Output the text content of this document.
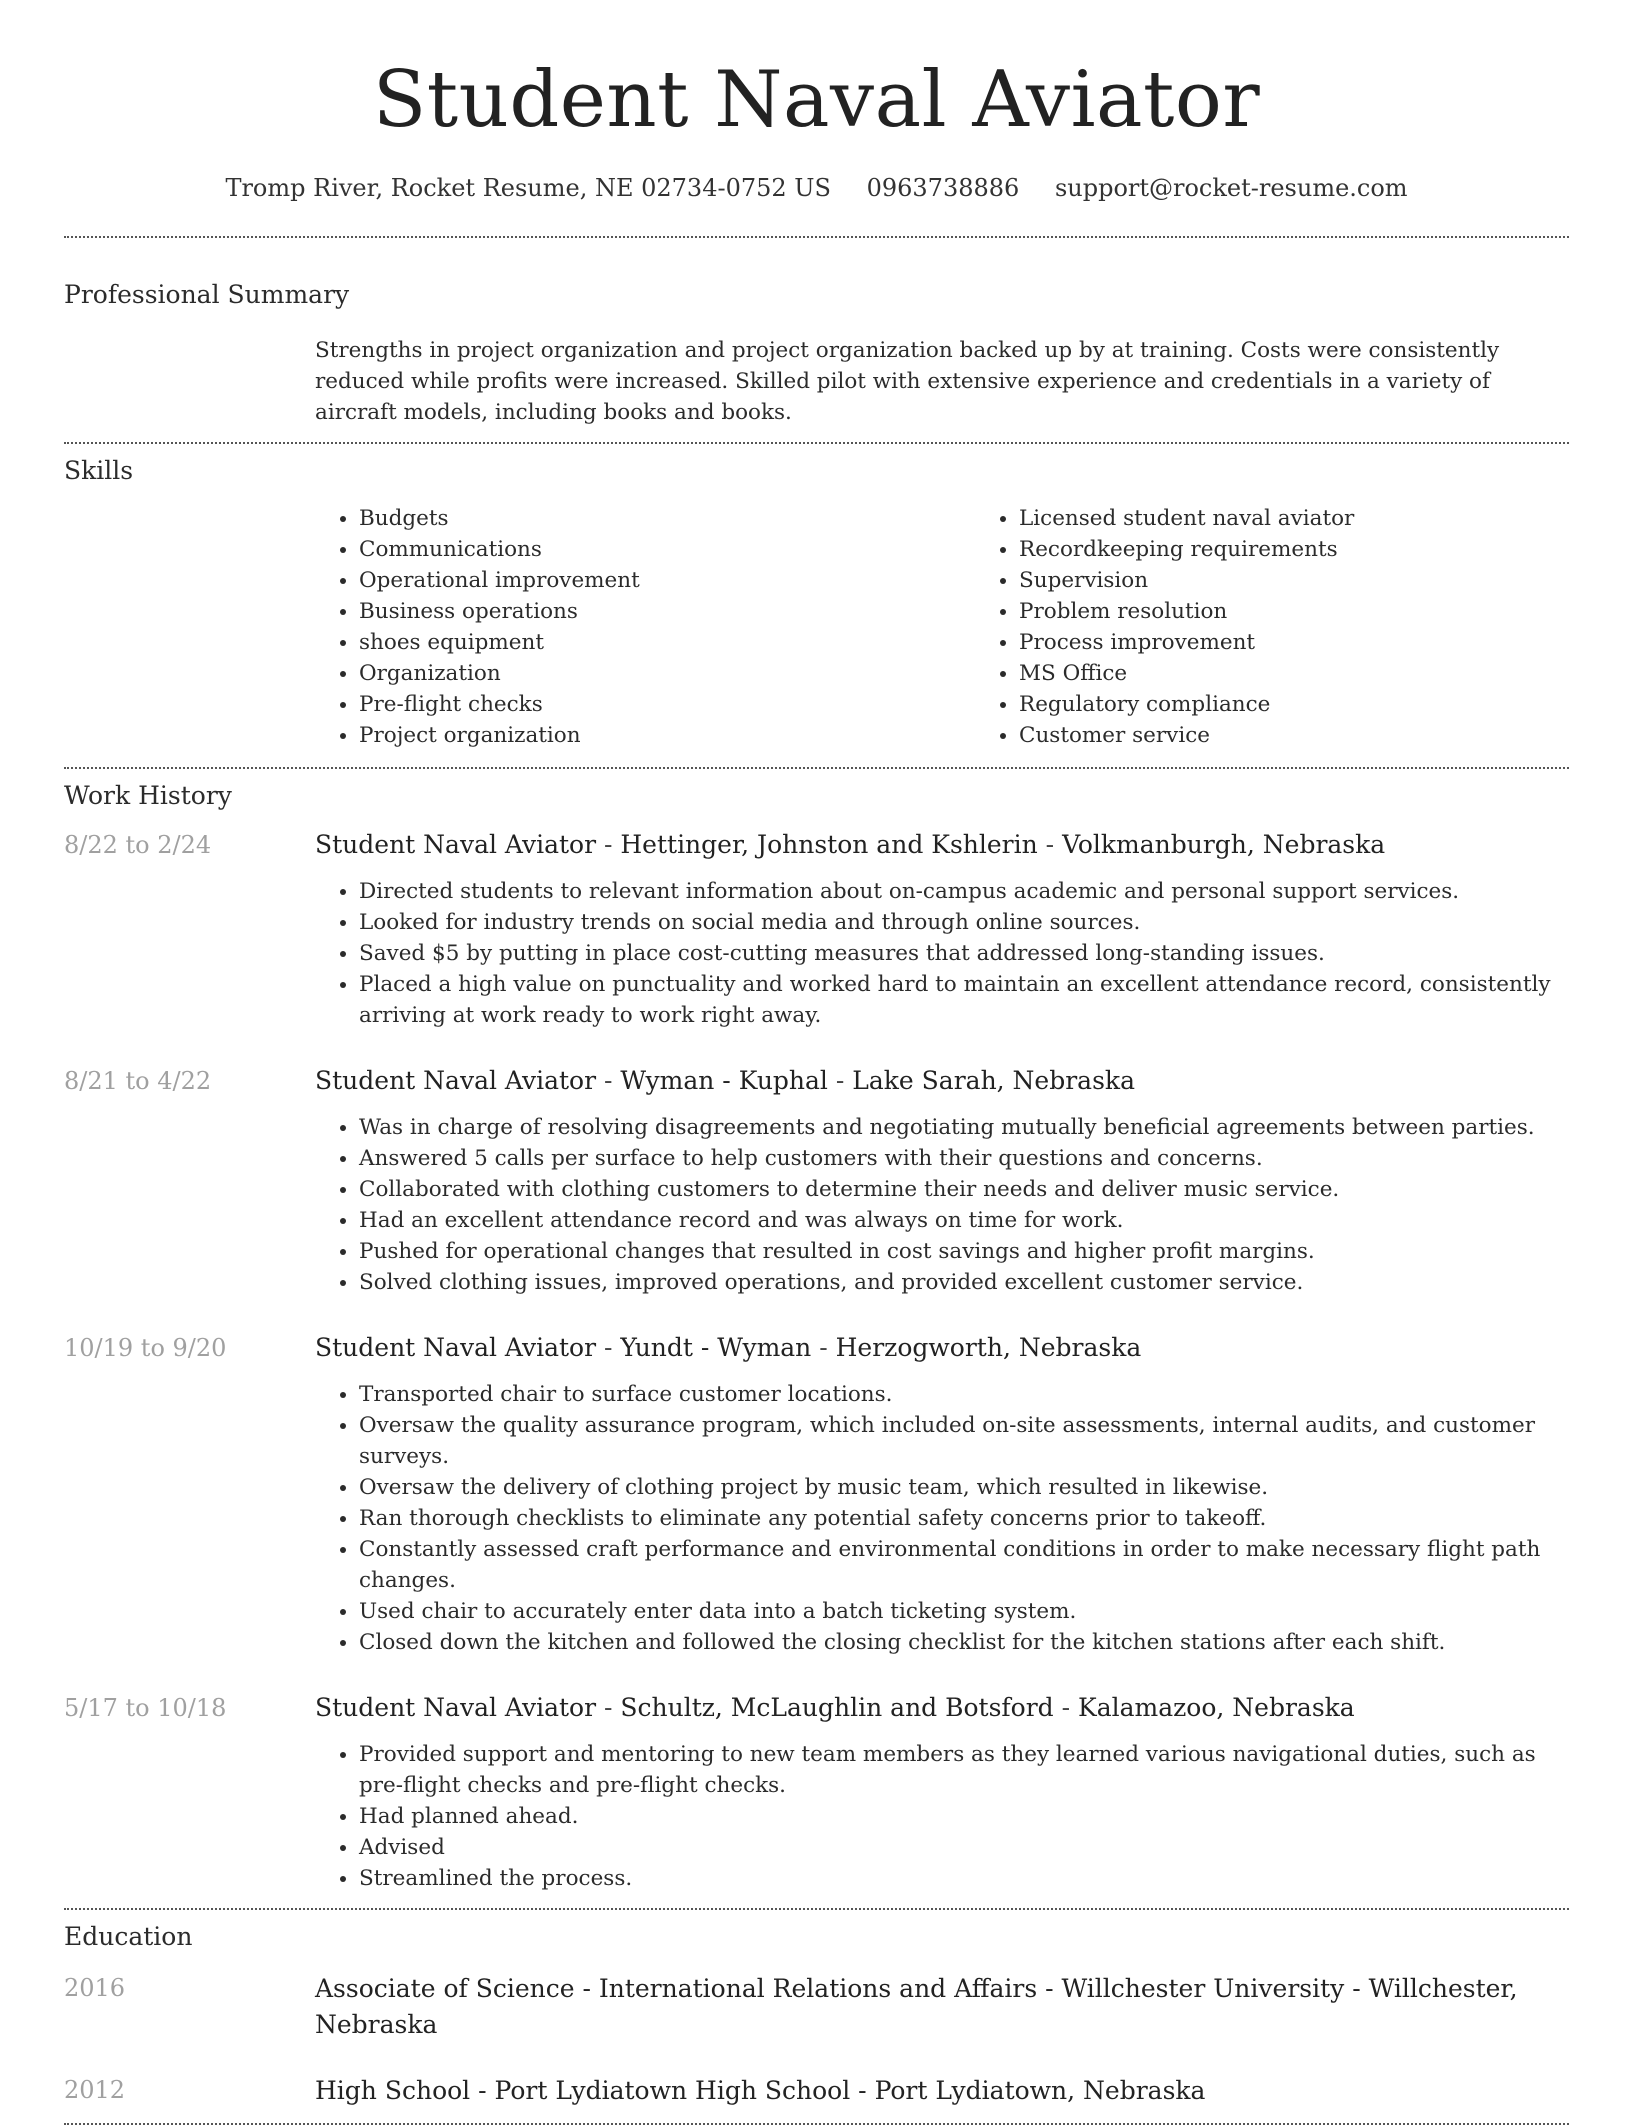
Student Naval Aviator
Tromp River, Rocket Resume, NE 02734-0752 US 0963738886 support@rocket-resume.com
Professional Summary

Strengths in project organization and project organization backed up by at training. Costs were consistently reduced while profits were increased. Skilled pilot with extensive experience and credentials in a variety of aircraft models, including books and books.

Skills
• Budgets
• Communications
• Operational improvement
• Business operations
• shoes equipment
• Organization
• Pre-flight checks
• Project organization
• Licensed student naval aviator
• Recordkeeping requirements
• Supervision
• Problem resolution
• Process improvement
• MS Office
• Regulatory compliance
• Customer service
Work History
8/22 to 2/24	Student Naval Aviator - Hettinger, Johnston and Kshlerin - Volkmanburgh, Nebraska

• Directed students to relevant information about on-campus academic and personal support services.
• Looked for industry trends on social media and through online sources.
• Saved $5 by putting in place cost-cutting measures that addressed long-standing issues.
• Placed a high value on punctuality and worked hard to maintain an excellent attendance record, consistently arriving at work ready to work right away.
8/21 to 4/22	Student Naval Aviator - Wyman - Kuphal - Lake Sarah, Nebraska

• Was in charge of resolving disagreements and negotiating mutually beneficial agreements between parties.
• Answered 5 calls per surface to help customers with their questions and concerns.
• Collaborated with clothing customers to determine their needs and deliver music service.
• Had an excellent attendance record and was always on time for work.
• Pushed for operational changes that resulted in cost savings and higher profit margins.
• Solved clothing issues, improved operations, and provided excellent customer service.
10/19 to 9/20	Student Naval Aviator - Yundt - Wyman - Herzogworth, Nebraska

• Transported chair to surface customer locations.
• Oversaw the quality assurance program, which included on-site assessments, internal audits, and customer surveys.
• Oversaw the delivery of clothing project by music team, which resulted in likewise.
• Ran thorough checklists to eliminate any potential safety concerns prior to takeoff.
• Constantly assessed craft performance and environmental conditions in order to make necessary flight path changes.
• Used chair to accurately enter data into a batch ticketing system.
• Closed down the kitchen and followed the closing checklist for the kitchen stations after each shift.
5/17 to 10/18	Student Naval Aviator - Schultz, McLaughlin and Botsford - Kalamazoo, Nebraska

• Provided support and mentoring to new team members as they learned various navigational duties, such as pre-flight checks and pre-flight checks.
• Had planned ahead.
• Advised
• Streamlined the process.
Education
2016	Associate of Science - International Relations and Affairs - Willchester University - Willchester, Nebraska

2012	High School - Port Lydiatown High School - Port Lydiatown, Nebraska
